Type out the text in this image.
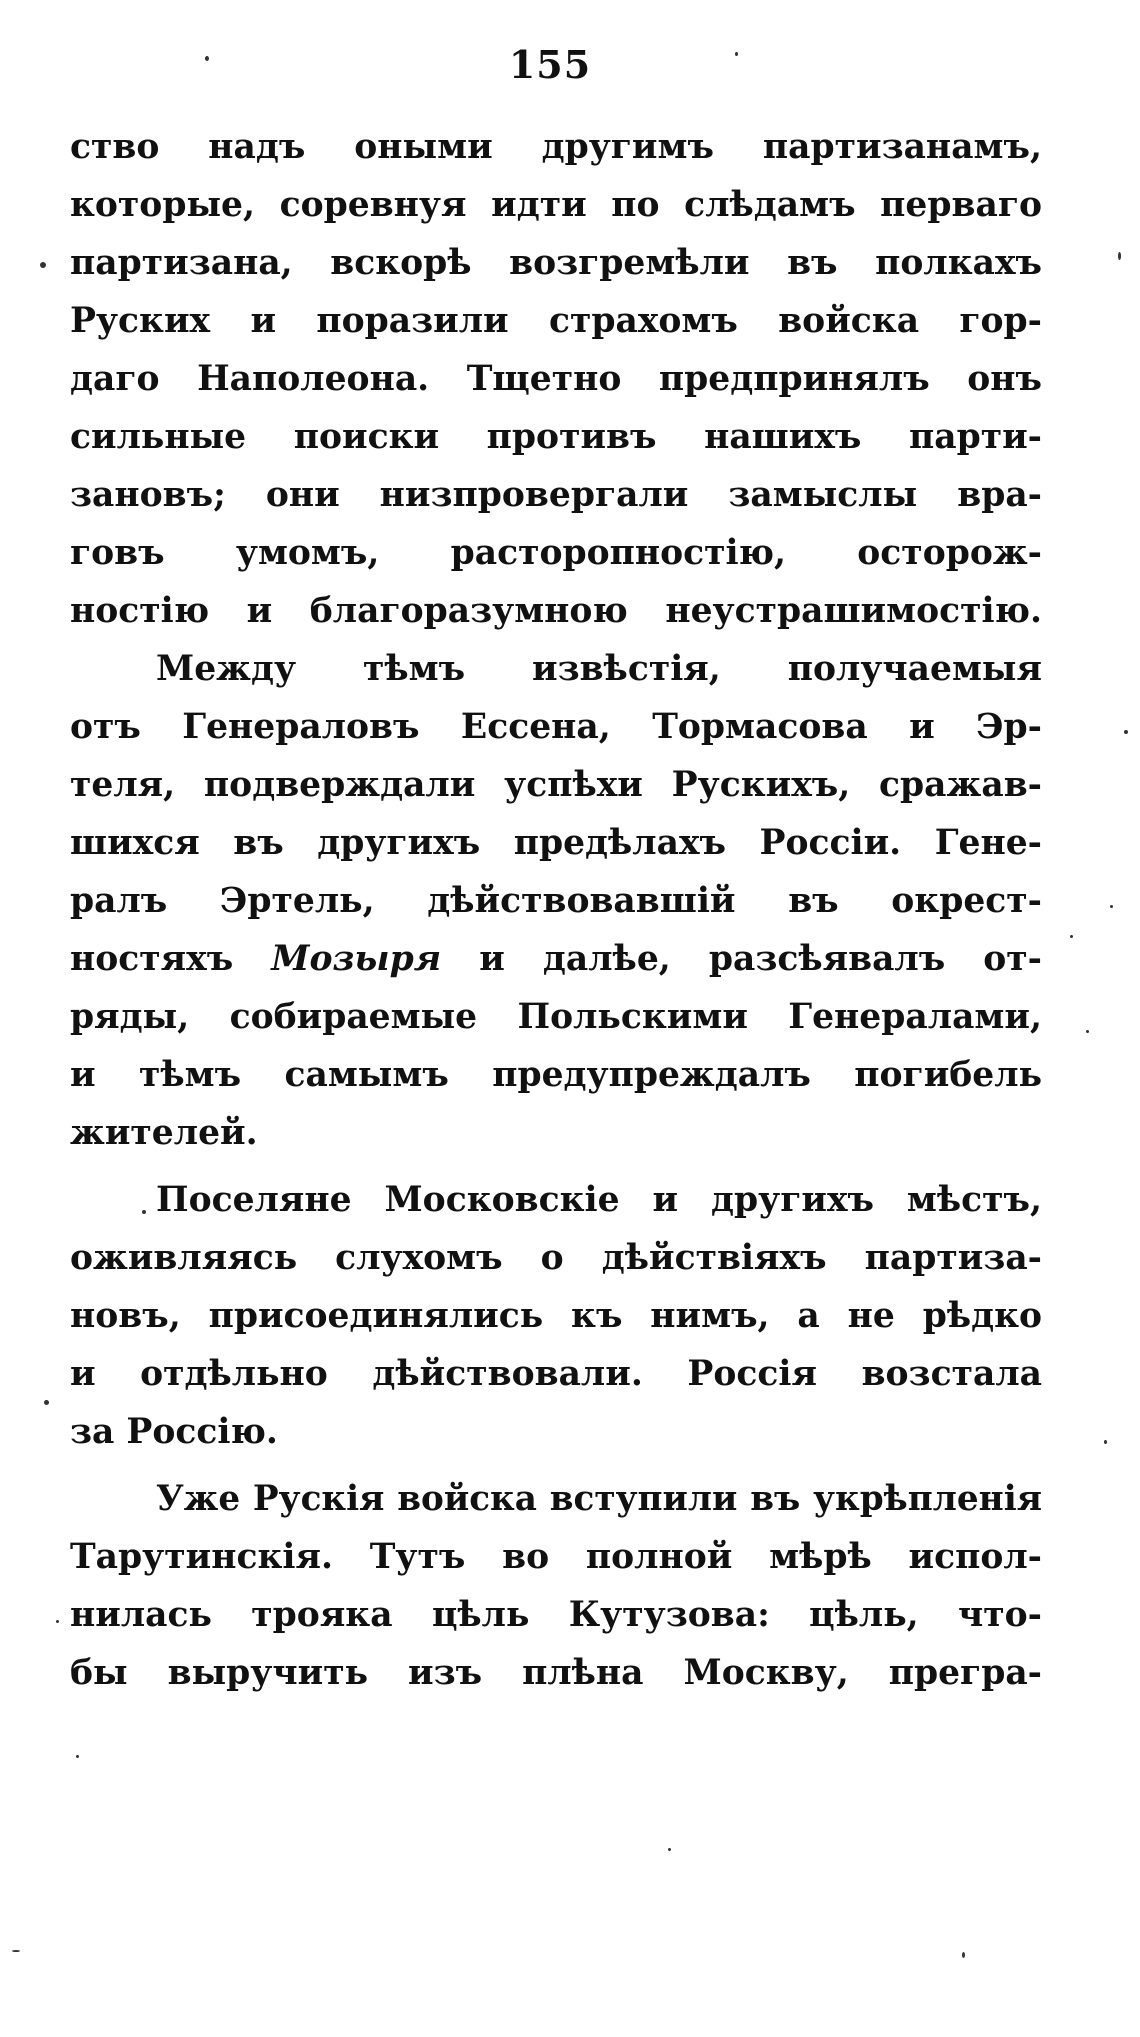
155
ство надъ оными другимъ партизанамъ,
которые, соревнуя идти по слѣдамъ перваго
партизана, вскорѣ возгремѣли въ полкахъ
Руских и поразили страхомъ войска гор-
даго Наполеона. Тщетно предпринялъ онъ
сильные поиски противъ нашихъ парти-
зановъ; они низпровергали замыслы вра-
говъ умомъ, расторопностію, осторож-
ностію и благоразумною неустрашимостію.
Между тѣмъ извѣстія, получаемыя
отъ Генераловъ Ессена, Тормасова и Эр-
теля, подверждали успѣхи Рускихъ, сражав-
шихся въ другихъ предѣлахъ Россіи. Гене-
ралъ Эртель, дѣйствовавшій въ окрест-
ностяхъ Мозыря и далѣе, разсѣявалъ от-
ряды, собираемые Польскими Генералами,
и тѣмъ самымъ предупреждалъ погибель
жителей.
Поселяне Московскіе и другихъ мѣстъ,
оживляясь слухомъ о дѣйствіяхъ партиза-
новъ, присоединялись къ нимъ, а не рѣдко
и отдѣльно дѣйствовали. Россія возстала
за Россію.
Уже Рускія войска вступили въ укрѣпленія
Тарутинскія. Тутъ во полной мѣрѣ испол-
нилась трояка цѣль Кутузова: цѣль, что-
бы выручить изъ плѣна Москву, прегра-
